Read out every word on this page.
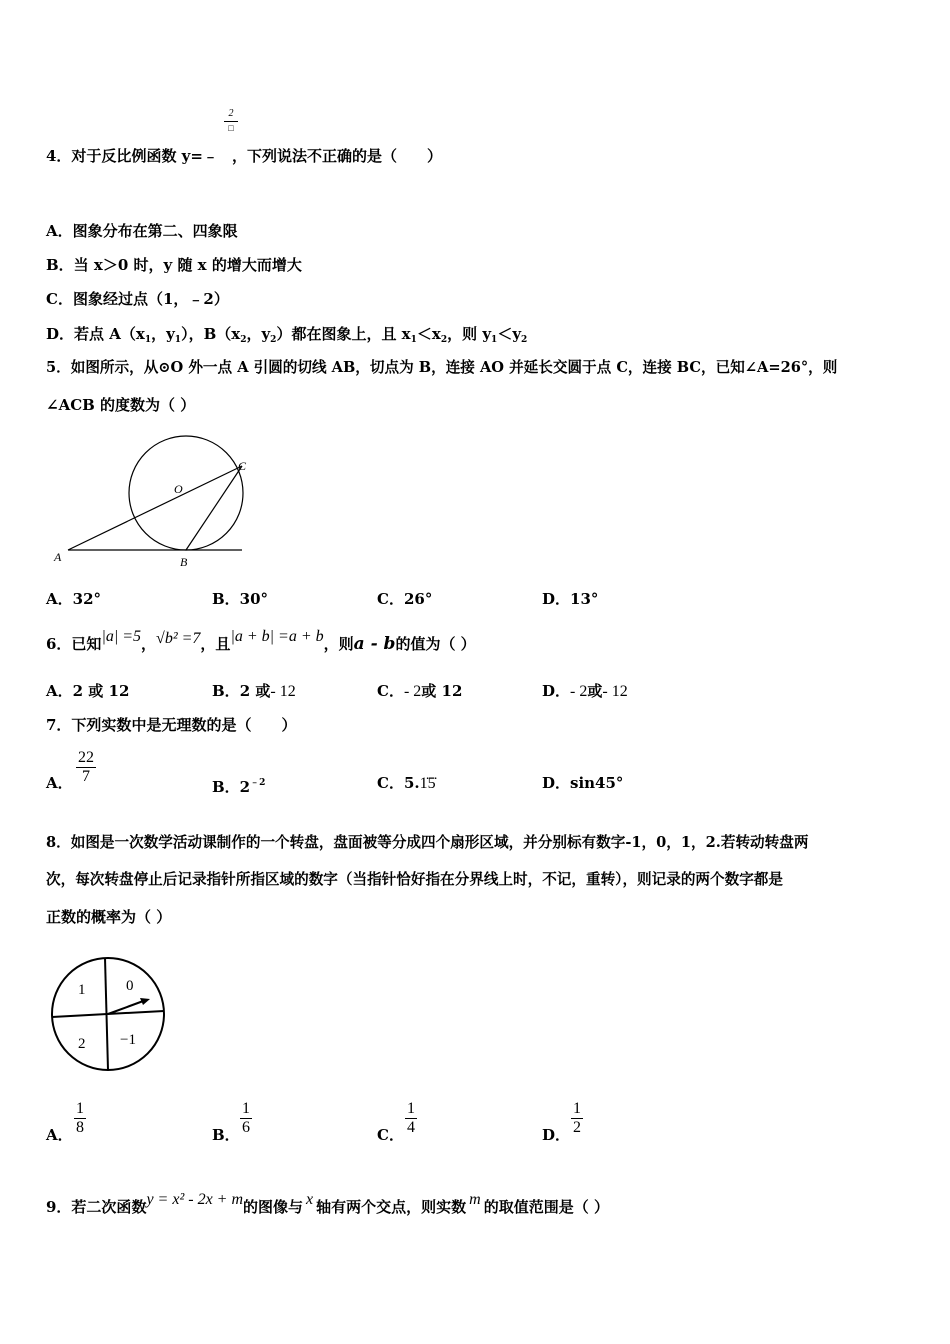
4．对于反比例函数 y=﹣
2
□
，下列说法不正确的是（　　）
A．图象分布在第二、四象限
B．当 x＞0 时，y 随 x 的增大而增大
C．图象经过点（1，﹣2）
D．若点 $A(x_1$，$y_1$），$B(x_2$，$y_2$）都在图象上，且 $x_1<x_2$，则 $y_1<y_2$
5．如图所示，从⊙O 外一点 A 引圆的切线 AB，切点为 B，连接 AO 并延长交圆于点 C，连接 BC，已知∠A=26°，则
∠ACB 的度数为（ ）
A	B
C
O
A．32°	B．30°	C．26°	D．13°
6．已知|a| =5，√b² =7，且|a + b| =a + b，则a - b的值为（ ）
A．2 或 12	B．2 或- 12	C．- 2或 12	D．- 2或- 12
7．下列实数中是无理数的是（　　）
A． $\frac{22}{7}$
B．$2^{﹣2}$	C．5.1̇5̇	D．sin45°
8．如图是一次数学活动课制作的一个转盘，盘面被等分成四个扇形区域，并分别标有数字-1，0，1，2.若转动转盘两
次，每次转盘停止后记录指针所指区域的数字（当指针恰好指在分界线上时，不记，重转），则记录的两个数字都是
正数的概率为（ ）
1	0
2 −1
A． $\frac{1}{8}$	B． $\frac{1}{6}$	C． $\frac{1}{4}$	D． $\frac{1}{2}$
9．若二次函数y = x² - 2x + m的图像与 x 轴有两个交点，则实数 m 的取值范围是（ ）
